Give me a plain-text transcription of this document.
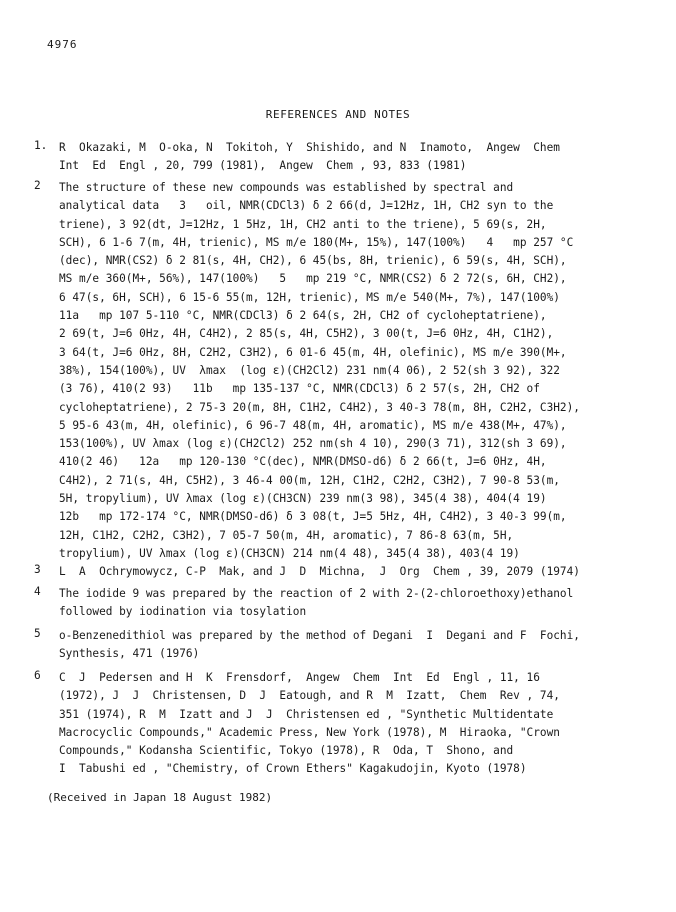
4976
REFERENCES AND NOTES
1. R  Okazaki, M  O-oka, N  Tokitoh, Y  Shishido, and N  Inamoto,  Angew  Chem
Int  Ed  Engl , 20, 799 (1981),  Angew  Chem , 93, 833 (1981)
2 The structure of these new compounds was established by spectral and
analytical data   3   oil, NMR(CDCl3) δ 2 66(d, J=12Hz, 1H, CH2 syn to the
triene), 3 92(dt, J=12Hz, 1 5Hz, 1H, CH2 anti to the triene), 5 69(s, 2H,
SCH), 6 1-6 7(m, 4H, trienic), MS m/e 180(M+, 15%), 147(100%)   4   mp 257 °C
(dec), NMR(CS2) δ 2 81(s, 4H, CH2), 6 45(bs, 8H, trienic), 6 59(s, 4H, SCH),
MS m/e 360(M+, 56%), 147(100%)   5   mp 219 °C, NMR(CS2) δ 2 72(s, 6H, CH2),
6 47(s, 6H, SCH), 6 15-6 55(m, 12H, trienic), MS m/e 540(M+, 7%), 147(100%)
11a   mp 107 5-110 °C, NMR(CDCl3) δ 2 64(s, 2H, CH2 of cycloheptatriene),
2 69(t, J=6 0Hz, 4H, C4H2), 2 85(s, 4H, C5H2), 3 00(t, J=6 0Hz, 4H, C1H2),
3 64(t, J=6 0Hz, 8H, C2H2, C3H2), 6 01-6 45(m, 4H, olefinic), MS m/e 390(M+,
38%), 154(100%), UV  λmax  (log ε)(CH2Cl2) 231 nm(4 06), 2 52(sh 3 92), 322
(3 76), 410(2 93)   11b   mp 135-137 °C, NMR(CDCl3) δ 2 57(s, 2H, CH2 of
cycloheptatriene), 2 75-3 20(m, 8H, C1H2, C4H2), 3 40-3 78(m, 8H, C2H2, C3H2),
5 95-6 43(m, 4H, olefinic), 6 96-7 48(m, 4H, aromatic), MS m/e 438(M+, 47%),
153(100%), UV λmax (log ε)(CH2Cl2) 252 nm(sh 4 10), 290(3 71), 312(sh 3 69),
410(2 46)   12a   mp 120-130 °C(dec), NMR(DMSO-d6) δ 2 66(t, J=6 0Hz, 4H,
C4H2), 2 71(s, 4H, C5H2), 3 46-4 00(m, 12H, C1H2, C2H2, C3H2), 7 90-8 53(m,
5H, tropylium), UV λmax (log ε)(CH3CN) 239 nm(3 98), 345(4 38), 404(4 19)
12b   mp 172-174 °C, NMR(DMSO-d6) δ 3 08(t, J=5 5Hz, 4H, C4H2), 3 40-3 99(m,
12H, C1H2, C2H2, C3H2), 7 05-7 50(m, 4H, aromatic), 7 86-8 63(m, 5H,
tropylium), UV λmax (log ε)(CH3CN) 214 nm(4 48), 345(4 38), 403(4 19)
3 L  A  Ochrymowycz, C-P  Mak, and J  D  Michna,  J  Org  Chem , 39, 2079 (1974)
4 The iodide 9 was prepared by the reaction of 2 with 2-(2-chloroethoxy)ethanol
followed by iodination via tosylation
5 o-Benzenedithiol was prepared by the method of Degani  I  Degani and F  Fochi,
Synthesis, 471 (1976)
6 C  J  Pedersen and H  K  Frensdorf,  Angew  Chem  Int  Ed  Engl , 11, 16
(1972), J  J  Christensen, D  J  Eatough, and R  M  Izatt,  Chem  Rev , 74,
351 (1974), R  M  Izatt and J  J  Christensen ed , "Synthetic Multidentate
Macrocyclic Compounds," Academic Press, New York (1978), M  Hiraoka, "Crown
Compounds," Kodansha Scientific, Tokyo (1978), R  Oda, T  Shono, and
I  Tabushi ed , "Chemistry, of Crown Ethers" Kagakudojin, Kyoto (1978)
(Received in Japan 18 August 1982)
